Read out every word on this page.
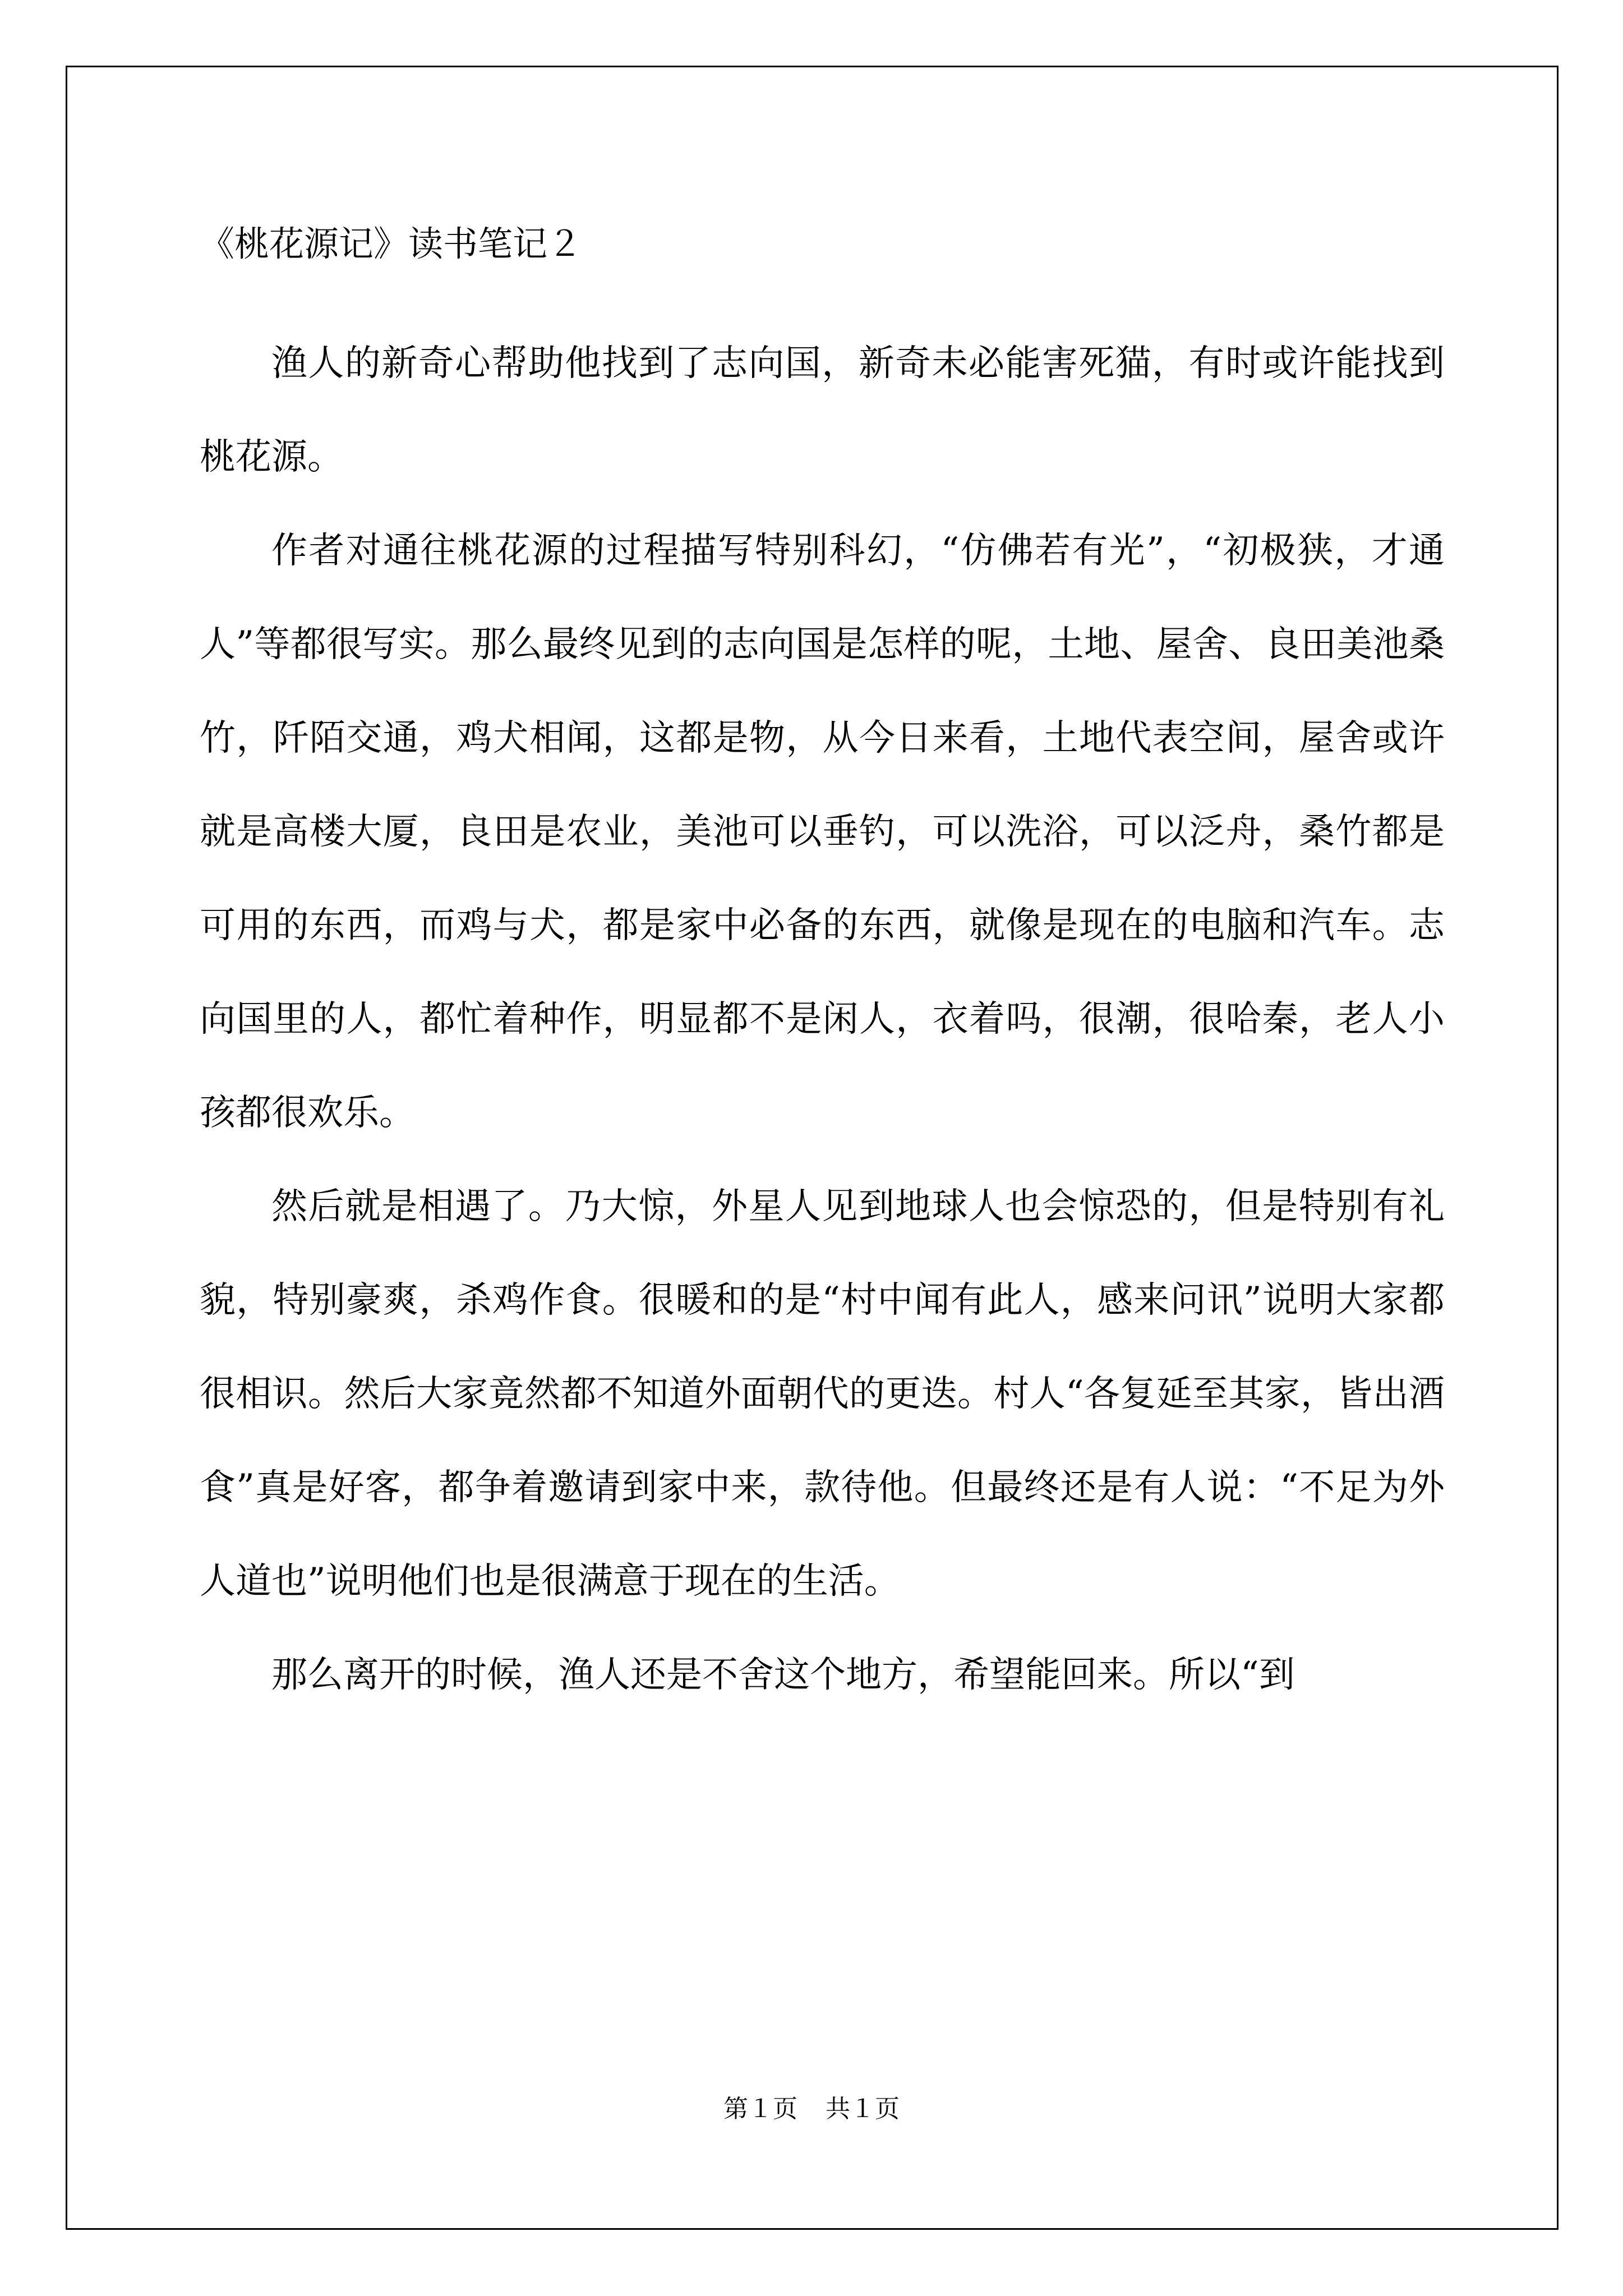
《桃花源记》读书笔记２

渔人的新奇心帮助他找到了志向国，新奇未必能害死猫，有时或许能找到桃花源。

作者对通往桃花源的过程描写特别科幻，“仿佛若有光”，“初极狭，才通人”等都很写实。那么最终见到的志向国是怎样的呢，土地、屋舍、良田美池桑竹，阡陌交通，鸡犬相闻，这都是物，从今日来看，土地代表空间，屋舍或许就是高楼大厦，良田是农业，美池可以垂钓，可以洗浴，可以泛舟，桑竹都是可用的东西，而鸡与犬，都是家中必备的东西，就像是现在的电脑和汽车。志向国里的人，都忙着种作，明显都不是闲人，衣着吗，很潮，很哈秦，老人小孩都很欢乐。

然后就是相遇了。乃大惊，外星人见到地球人也会惊恐的，但是特别有礼貌，特别豪爽，杀鸡作食。很暖和的是“村中闻有此人，感来问讯”说明大家都很相识。然后大家竟然都不知道外面朝代的更迭。村人“各复延至其家，皆出酒食”真是好客，都争着邀请到家中来，款待他。但最终还是有人说：“不足为外人道也”说明他们也是很满意于现在的生活。

那么离开的时候，渔人还是不舍这个地方，希望能回来。所以“到

第１页 共１页
